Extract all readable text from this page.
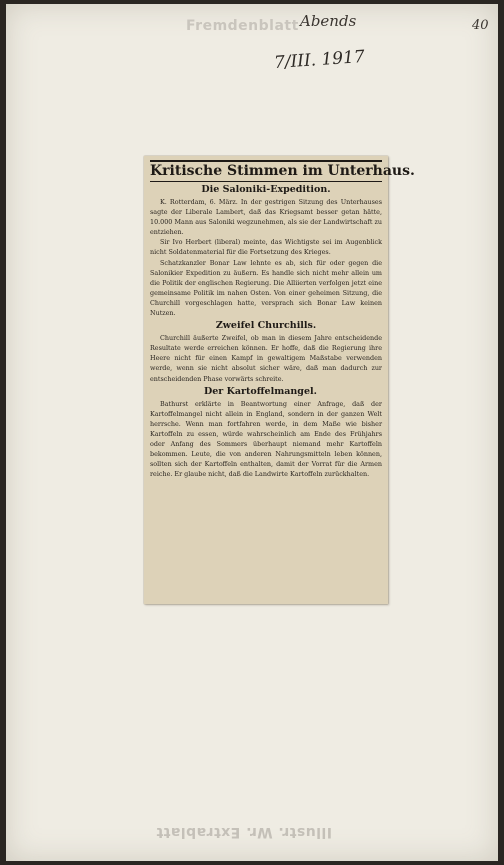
Fremdenblatt Abends
7/III. 1917
40
Kritische Stimmen im Unterhaus.
Die Saloniki-Expedition.

K. Rotterdam, 6. März. In der gestrigen Sitzung des Unterhauses sagte der Liberale Lambert, daß das Kriegsamt besser getan hätte, 10.000 Mann aus Saloniki wegzunehmen, als sie der Landwirtschaft zu entziehen.

Sir Ivo Herbert (liberal) meinte, das Wichtigste sei im Augenblick nicht Soldatenmaterial für die Fortsetzung des Krieges.

Schatzkanzler Bonar Law lehnte es ab, sich für oder gegen die Salonikier Expedition zu äußern. Es handle sich nicht mehr allein um die Politik der englischen Regierung. Die Alliierten verfolgen jetzt eine gemeinsame Politik im nahen Osten. Von einer geheimen Sitzung, die Churchill vorgeschlagen hatte, versprach sich Bonar Law keinen Nutzen.

Zweifel Churchills.

Churchill äußerte Zweifel, ob man in diesem Jahre entscheidende Resultate werde erreichen können. Er hoffe, daß die Regierung ihre Heere nicht für einen Kampf in gewaltigem Maßstabe verwenden werde, wenn sie nicht absolut sicher wäre, daß man dadurch zur entscheidenden Phase vorwärts schreite.

Der Kartoffelmangel.

Bathurst erklärte in Beantwortung einer Anfrage, daß der Kartoffelmangel nicht allein in England, sondern in der ganzen Welt herrsche. Wenn man fortfahren werde, in dem Maße wie bisher Kartoffeln zu essen, würde wahrscheinlich am Ende des Frühjahrs oder Anfang des Sommers überhaupt niemand mehr Kartoffeln bekommen. Leute, die von anderen Nahrungsmitteln leben können, sollten sich der Kartoffeln enthalten, damit der Vorrat für die Armen reiche. Er glaube nicht, daß die Landwirte Kartoffeln zurückhalten.

Illustr. Wr. Extrablatt
